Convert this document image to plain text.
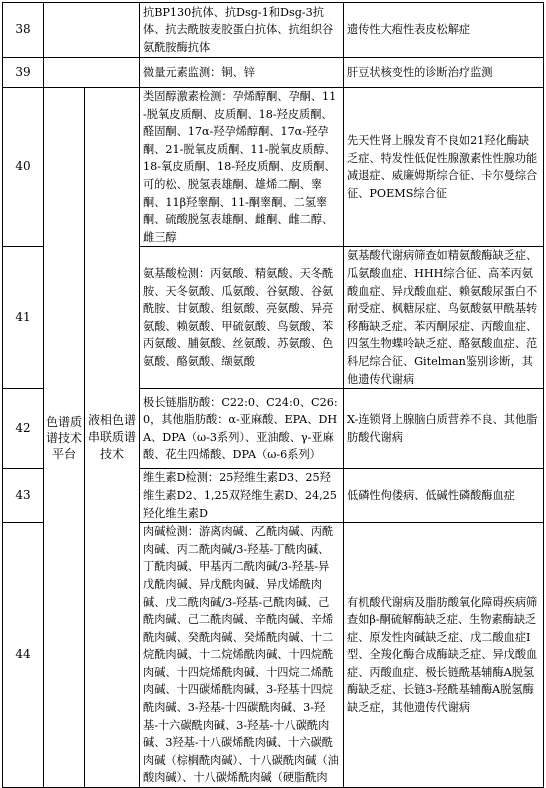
38			抗BP130抗体、抗Dsg-1和Dsg-3抗体、抗去酰胺麦胶蛋白抗体、抗组织谷氨酰胺酶抗体	遗传性大疱性表皮松解症
39			微量元素监测：铜、锌	肝豆状核变性的诊断治疗监测
40	色谱质谱技术平台	液相色谱串联质谱技术	类固醇激素检测：孕烯醇酮、孕酮、11-脱氧皮质酮、皮质酮、18-羟皮质酮、醛固酮、17α-羟孕烯醇酮、17α-羟孕酮、21-脱氧皮质酮、11-脱氧皮质醇、18-氧皮质酮、18-羟皮质酮、皮质酮、可的松、脱氢表雄酮、雄烯二酮、睾酮、11β羟睾酮、11-酮睾酮、二氢睾酮、硫酸脱氢表雄酮、雌酮、雌二醇、雌三醇	先天性肾上腺发育不良如21羟化酶缺乏症、特发性低促性腺激素性性腺功能减退症、威廉姆斯综合征、卡尔曼综合征、POEMS综合征
41			氨基酸检测：丙氨酸、精氨酸、天冬酰胺、天冬氨酸、瓜氨酸、谷氨酸、谷氨酰胺、甘氨酸、组氨酸、亮氨酸、异亮氨酸、赖氨酸、甲硫氨酸、鸟氨酸、苯丙氨酸、脯氨酸、丝氨酸、苏氨酸、色氨酸、酪氨酸、缬氨酸	氨基酸代谢病筛查如精氨酸酶缺乏症、瓜氨酸血症、HHH综合征、高苯丙氨酸血症、异戊酸血症、赖氨酸尿蛋白不耐受症、枫糖尿症、鸟氨酸氨甲酰基转移酶缺乏症、苯丙酮尿症、丙酸血症、四氢生物蝶呤缺乏症、酪氨酸血症、范科尼综合征、Gitelman鉴别诊断，其他遗传代谢病
42			极长链脂肪酸：C22:0、C24:0、C26:0，其他脂肪酸：α-亚麻酸、EPA、DHA、DPA（ω-3系列）、亚油酸、γ-亚麻酸、花生四烯酸、DPA（ω-6系列）	X-连锁肾上腺脑白质营养不良、其他脂肪酸代谢病
43			维生素D检测：25羟维生素D3、25羟维生素D2、1,25双羟维生素D、24,25羟化维生素D	低磷性佝偻病、低碱性磷酸酶血症
44			肉碱检测：游离肉碱、乙酰肉碱、丙酰肉碱、丙二酰肉碱/3-羟基-丁酰肉碱、丁酰肉碱、甲基丙二酰肉碱/3-羟基-异戊酰肉碱、异戊酰肉碱、异戊烯酰肉碱、戊二酰肉碱/3-羟基-己酰肉碱、己酰肉碱、己二酰肉碱、辛酰肉碱、辛烯酰肉碱、癸酰肉碱、癸烯酰肉碱、十二烷酰肉碱、十二烷烯酰肉碱、十四烷酰肉碱、十四烷烯酰肉碱、十四烷二烯酰肉碱、十四碳烯酰肉碱、3-羟基十四烷酰肉碱、3-羟基-十四碳酰肉碱、3-羟基-十六碳酰肉碱、3-羟基-十八碳酰肉碱、3羟基-十八碳烯酰肉碱、十六碳酰肉碱（棕榈酰肉碱）、十八碳酰肉碱（油酸肉碱）、十八碳烯酰肉碱（硬脂酰肉	有机酸代谢病及脂肪酸氧化障碍疾病筛查如β-酮硫解酶缺乏症、生物素酶缺乏症、原发性肉碱缺乏症、戊二酸血症Ⅰ型、全羧化酶合成酶缺乏症、异戊酸血症、丙酸血症、极长链酰基辅酶A脱氢酶缺乏症、长链3-羟酰基辅酶A脱氢酶缺乏症，其他遗传代谢病
